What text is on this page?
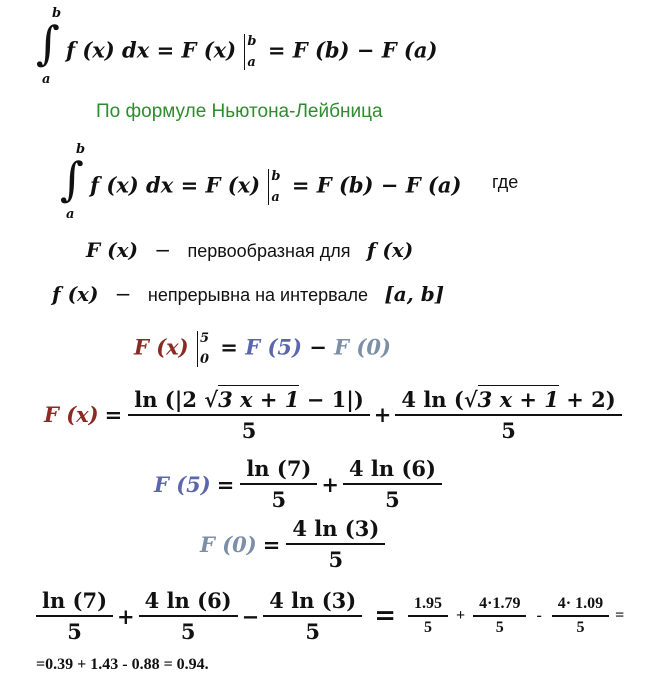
∫
b
a
f (x) dx = F (x) b
a = F (b) − F (a)
По формуле Ньютона-Лейбница
∫
b
a
f (x) dx = F (x) b
a = F (b) − F (a) где
F (x) − первообразная для f (x)
f (x) − непрерывна на интервале [a, b]
F (x) 5
0 = F (5) − F (0)
F $(x) = \frac{\ln (|2 √3 x + 1 - 1|)}{5} + \frac{4 \ln (√3 x + 1 + 2)}{5}$
F $(5) = \frac{\ln (7)}{5} + \frac{4 \ln (6)}{5}$
F $(0) = \frac{4 \ln (3)}{5}$
$\frac{\ln (7)}{5} + \frac{4 \ln (6)}{5} - \frac{4 \ln (3)}{5} = \frac{1.95}{5} + \frac{4\cdot 1.79}{5} - \frac{4\cdot 1.09}{5}$ =
=0.39 + 1.43 - 0.88 = 0.94.
